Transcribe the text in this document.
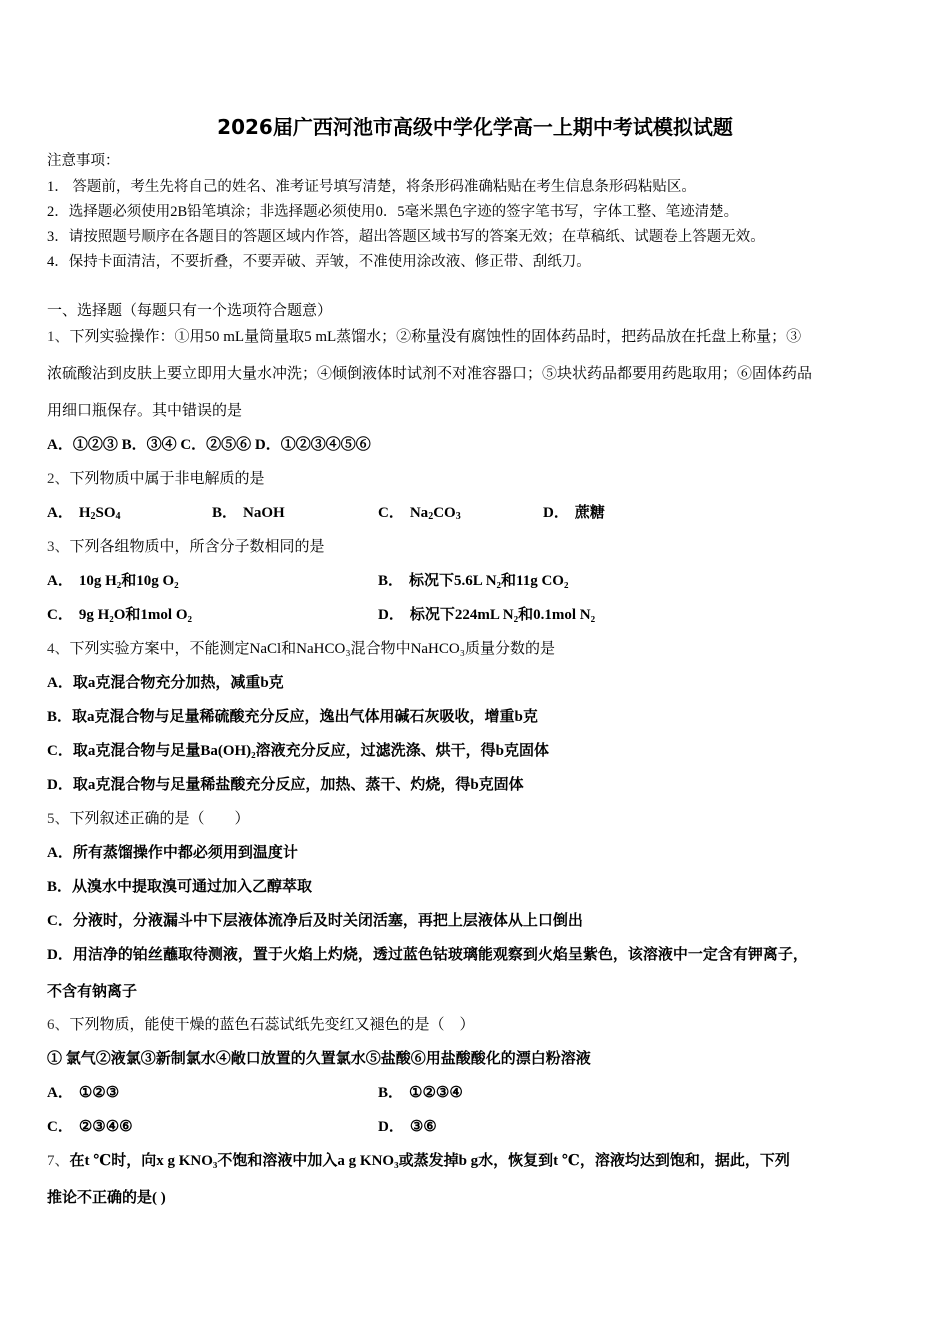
2026届广西河池市高级中学化学高一上期中考试模拟试题
注意事项：
1． 答题前，考生先将自己的姓名、准考证号填写清楚，将条形码准确粘贴在考生信息条形码粘贴区。
2．选择题必须使用2B铅笔填涂；非选择题必须使用0．5毫米黑色字迹的签字笔书写，字体工整、笔迹清楚。
3．请按照题号顺序在各题目的答题区域内作答，超出答题区域书写的答案无效；在草稿纸、试题卷上答题无效。
4．保持卡面清洁，不要折叠，不要弄破、弄皱，不准使用涂改液、修正带、刮纸刀。
一、选择题（每题只有一个选项符合题意）
1、下列实验操作：①用50 mL量筒量取5 mL蒸馏水；②称量没有腐蚀性的固体药品时，把药品放在托盘上称量；③
浓硫酸沾到皮肤上要立即用大量水冲洗；④倾倒液体时试剂不对准容器口；⑤块状药品都要用药匙取用；⑥固体药品
用细口瓶保存。其中错误的是
A．①②③ B．③④ C．②⑤⑥ D．①②③④⑤⑥
2、下列物质中属于非电解质的是
A． $H_2SO_4$	B． NaOH	C． $Na_2CO_3$	D． 蔗糖
3、下列各组物质中，所含分子数相同的是
A． 10g H₂和10g O₂	B． 标况下5.6L N₂和11g CO₂
C． 9g H₂O和1mol O₂	D． 标况下224mL N₂和0.1mol N₂
4、下列实验方案中，不能测定NaCl和NaHCO₃混合物中NaHCO₃质量分数的是
A．取a克混合物充分加热，减重b克
B．取a克混合物与足量稀硫酸充分反应，逸出气体用碱石灰吸收，增重b克
C．取a克混合物与足量Ba(OH)₂溶液充分反应，过滤洗涤、烘干，得b克固体
D．取a克混合物与足量稀盐酸充分反应，加热、蒸干、灼烧，得b克固体
5、下列叙述正确的是（　　）
A．所有蒸馏操作中都必须用到温度计
B．从溴水中提取溴可通过加入乙醇萃取
C．分液时，分液漏斗中下层液体流净后及时关闭活塞，再把上层液体从上口倒出
D．用洁净的铂丝蘸取待测液，置于火焰上灼烧，透过蓝色钴玻璃能观察到火焰呈紫色，该溶液中一定含有钾离子，
不含有钠离子
6、下列物质，能使干燥的蓝色石蕊试纸先变红又褪色的是（　）
① 氯气②液氯③新制氯水④敞口放置的久置氯水⑤盐酸⑥用盐酸酸化的漂白粉溶液
A． ①②③	B． ①②③④
C． ②③④⑥	D． ③⑥
7、在t ℃时，向x g KNO₃不饱和溶液中加入a g KNO₃或蒸发掉b g水，恢复到t ℃，溶液均达到饱和，据此，下列
推论不正确的是( )
